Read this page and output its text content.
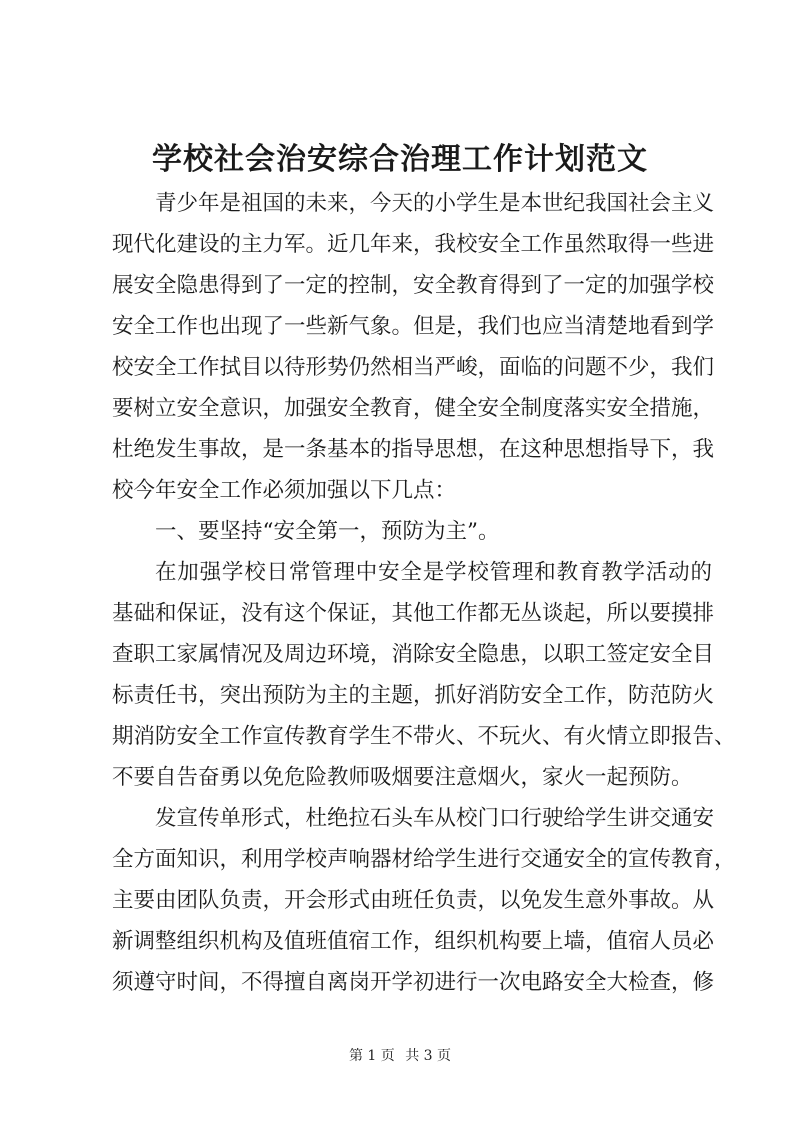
学校社会治安综合治理工作计划范文

青少年是祖国的未来，今天的小学生是本世纪我国社会主义

现代化建设的主力军。近几年来，我校安全工作虽然取得一些进

展安全隐患得到了一定的控制，安全教育得到了一定的加强学校

安全工作也出现了一些新气象。但是，我们也应当清楚地看到学

校安全工作拭目以待形势仍然相当严峻，面临的问题不少，我们

要树立安全意识，加强安全教育，健全安全制度落实安全措施，

杜绝发生事故，是一条基本的指导思想，在这种思想指导下，我

校今年安全工作必须加强以下几点：

一、要坚持“安全第一，预防为主”。

在加强学校日常管理中安全是学校管理和教育教学活动的

基础和保证，没有这个保证，其他工作都无丛谈起，所以要摸排

查职工家属情况及周边环境，消除安全隐患，以职工签定安全目

标责任书，突出预防为主的主题，抓好消防安全工作，防范防火

期消防安全工作宣传教育学生不带火、不玩火、有火情立即报告、

不要自告奋勇以免危险教师吸烟要注意烟火，家火一起预防。

发宣传单形式，杜绝拉石头车从校门口行驶给学生讲交通安

全方面知识，利用学校声响器材给学生进行交通安全的宣传教育，

主要由团队负责，开会形式由班任负责，以免发生意外事故。从

新调整组织机构及值班值宿工作，组织机构要上墙，值宿人员必

须遵守时间，不得擅自离岗开学初进行一次电路安全大检查，修

第 1 页 共 3 页
